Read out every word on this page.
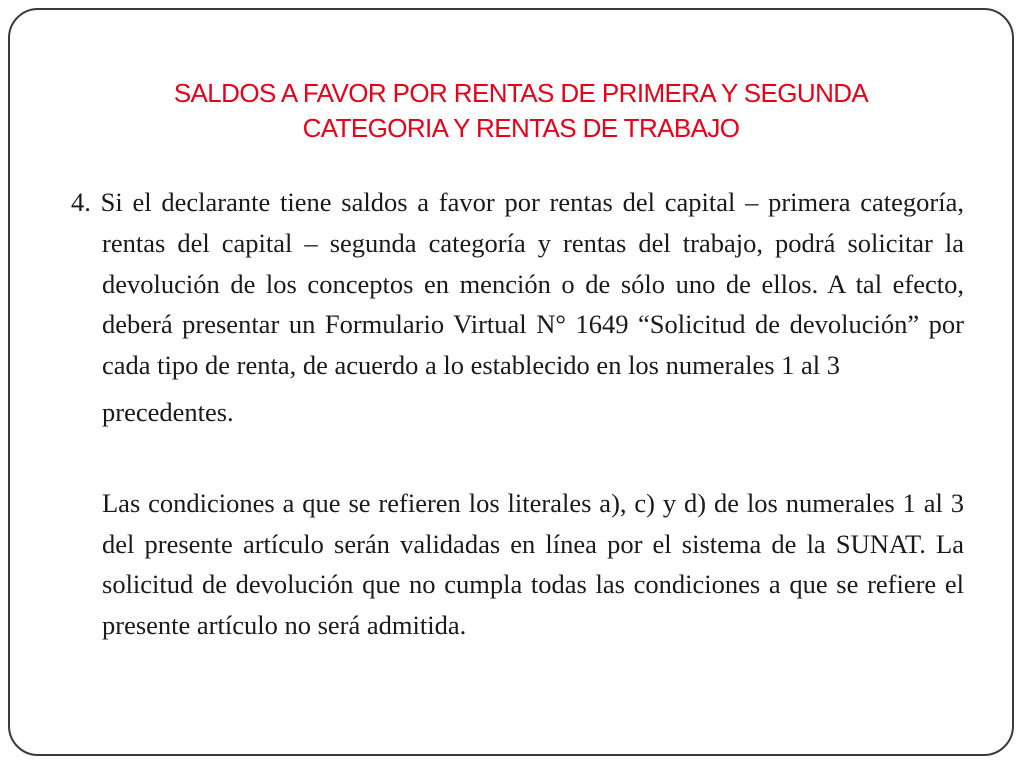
SALDOS A FAVOR POR RENTAS DE PRIMERA Y SEGUNDA
CATEGORIA Y RENTAS DE TRABAJO

4. Si el declarante tiene saldos a favor por rentas del capital – primera categoría, rentas del capital – segunda categoría y rentas del trabajo, podrá solicitar la devolución de los conceptos en mención o de sólo uno de ellos. A tal efecto, deberá presentar un Formulario Virtual N° 1649 “Solicitud de devolución” por cada tipo de renta, de acuerdo a lo establecido en los numerales 1 al 3

precedentes.

Las condiciones a que se refieren los literales a), c) y d) de los numerales 1 al 3 del presente artículo serán validadas en línea por el sistema de la SUNAT. La solicitud de devolución que no cumpla todas las condiciones a que se refiere el presente artículo no será admitida.
